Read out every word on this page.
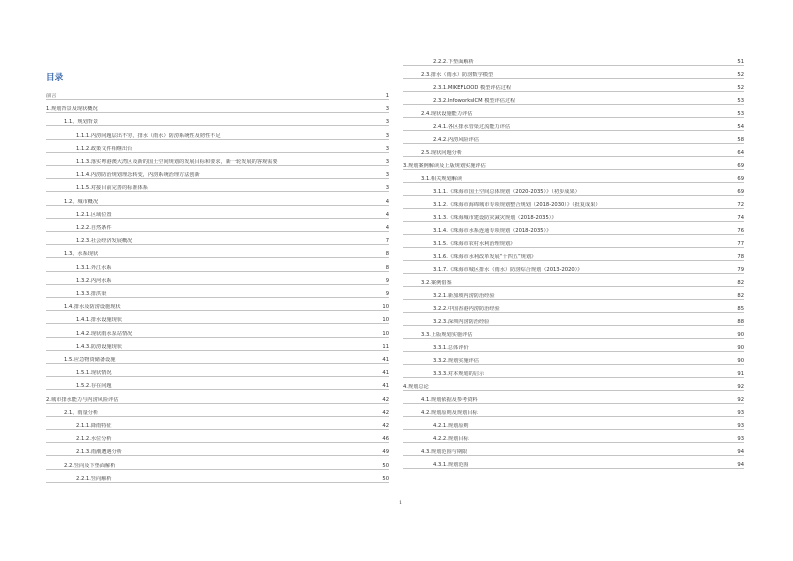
目录
前言	1
1.规划背景及现状概况	3
1.1、规划背景	3
1.1.1.内涝问题层出不穷，排水（雨水）防涝系统性及韧性不足	3
1.1.2.政策文件相继出台	3
1.1.3.落实粤港澳大湾区及新的国土空间规划的发展目标和要求，新一轮发展的客观需要	3
1.1.4.内涝防治规划理念转变，内涝系统治理方法创新	3
1.1.5.对接目前完善的标准体系	3
1.2、城市概况	4
1.2.1.区域位置	4
1.2.2.自然条件	4
1.2.3.社会经济发展概况	7
1.3、水系现状	8
1.3.1.外江水系	8
1.3.2.内河水系	9
1.3.3.排洪渠	9
1.4.排水及防涝设施现状	10
1.4.1.排水设施现状	10
1.4.2.现状雨水泵站情况	10
1.4.3.防涝设施现状	11
1.5.应急物资储备设施	41
1.5.1.现状情况	41
1.5.2.存在问题	41
2.城市排水能力与内涝风险评估	42
2.1、雨量分析	42
2.1.1.降雨特征	42
2.1.2.水位分析	46
2.1.3.雨潮遭遇分析	49
2.2.竖向及下垫面解析	50
2.2.1.竖向解析	50
2.2.2.下垫面解析	51
2.3.排水（雨水）防涝数学模型	52
2.3.1.MIKEFLOOD 模型评估过程	52
2.3.2.InfoworksICM 模型评估过程	53
2.4.现状设施能力评估	53
2.4.1.各区排水管渠过流能力评估	54
2.4.2.内涝风险评估	58
2.5.现状问题分析	64
3.规划案例解读及上版规划实施评估	69
3.1.相关规划解读	69
3.1.1.《珠海市国土空间总体规划（2020-2035）》（初步成果）	69
3.1.2.《珠海市海绵城市专项规划整合规划（2018-2030）》（批复成果）	72
3.1.3.《珠海城市建设防灾减灾规划（2018-2035）》	74
3.1.4.《珠海市水系连通专项规划（2018-2035）》	76
3.1.5.《珠海市农村水利治理规划》	77
3.1.6.《珠海市水利改革发展“十四五”规划》	78
3.1.7.《珠海市城区排水（雨水）防涝综合规划（2013-2020）》	79
3.2.案例借鉴	82
3.2.1.新加坡内涝防治经验	82
3.2.2.中国香港内涝防治经验	85
3.2.3.深圳内涝防治经验	88
3.3.上版规划实施评估	90
3.3.1.总体评价	90
3.3.2.规划实施评估	90
3.3.3.对本规划的启示	91
4.规划总论	92
4.1.规划依据及参考资料	92
4.2.规划原则及规划目标	93
4.2.1.规划原则	93
4.2.2.规划目标	93
4.3.规划范围与期限	94
4.3.1.规划范围	94
1
